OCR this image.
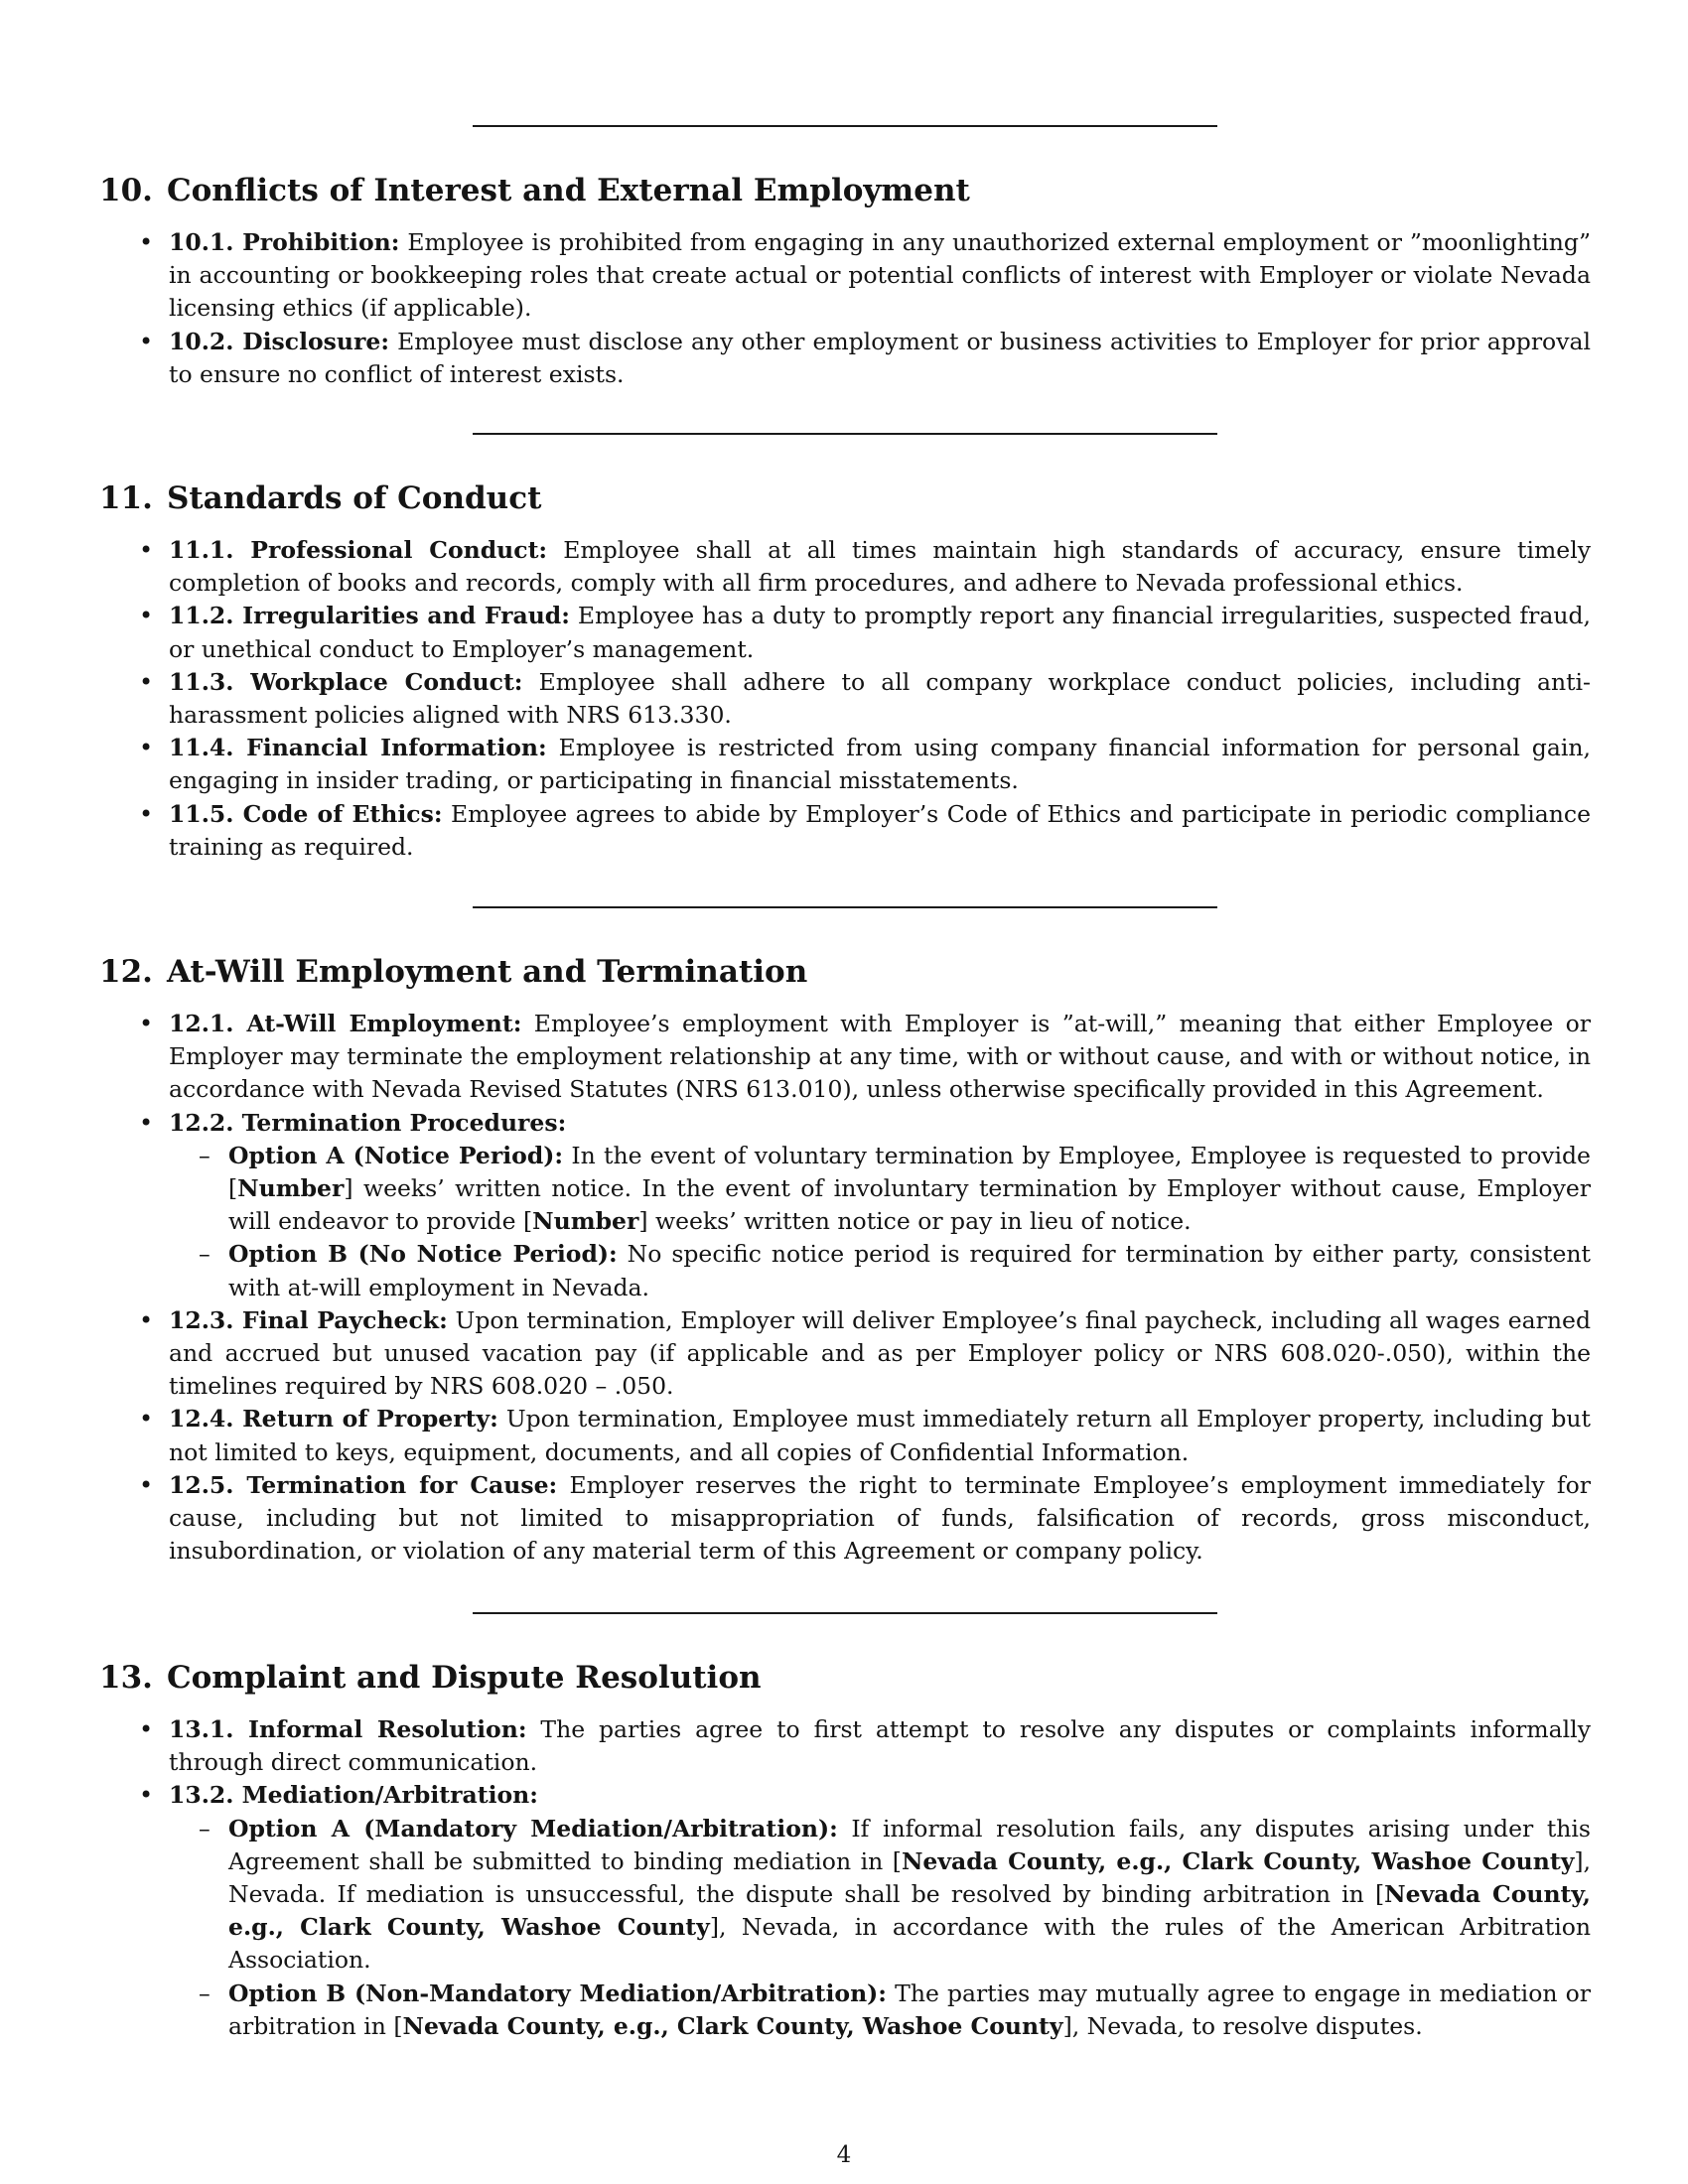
10. Conflicts of Interest and External Employment
• 10.1. Prohibition: Employee is prohibited from engaging in any unauthorized external employment or ”moonlighting” in accounting or bookkeeping roles that create actual or potential conflicts of interest with Employer or violate Nevada licensing ethics (if applicable).
• 10.2. Disclosure: Employee must disclose any other employment or business activities to Employer for prior approval to ensure no conflict of interest exists.
11. Standards of Conduct
• 11.1. Professional Conduct: Employee shall at all times maintain high standards of accuracy, ensure timely completion of books and records, comply with all firm procedures, and adhere to Nevada professional ethics.
• 11.2. Irregularities and Fraud: Employee has a duty to promptly report any financial irregularities, suspected fraud, or unethical conduct to Employer’s management.
• 11.3. Workplace Conduct: Employee shall adhere to all company workplace conduct policies, including anti-harassment policies aligned with NRS 613.330.
• 11.4. Financial Information: Employee is restricted from using company financial information for personal gain, engaging in insider trading, or participating in financial misstatements.
• 11.5. Code of Ethics: Employee agrees to abide by Employer’s Code of Ethics and participate in periodic compliance training as required.
12. At-Will Employment and Termination
• 12.1. At-Will Employment: Employee’s employment with Employer is ”at-will,” meaning that either Employee or Employer may terminate the employment relationship at any time, with or without cause, and with or without notice, in accordance with Nevada Revised Statutes (NRS 613.010), unless otherwise specifically provided in this Agreement.
• 12.2. Termination Procedures:
– Option A (Notice Period): In the event of voluntary termination by Employee, Employee is requested to provide [Number] weeks’ written notice. In the event of involuntary termination by Employer without cause, Employer will endeavor to provide [Number] weeks’ written notice or pay in lieu of notice.
– Option B (No Notice Period): No specific notice period is required for termination by either party, consistent with at-will employment in Nevada.
• 12.3. Final Paycheck: Upon termination, Employer will deliver Employee’s final paycheck, including all wages earned and accrued but unused vacation pay (if applicable and as per Employer policy or NRS 608.020-.050), within the timelines required by NRS 608.020 – .050.
• 12.4. Return of Property: Upon termination, Employee must immediately return all Employer property, including but not limited to keys, equipment, documents, and all copies of Confidential Information.
• 12.5. Termination for Cause: Employer reserves the right to terminate Employee’s employment immediately for cause, including but not limited to misappropriation of funds, falsification of records, gross misconduct, insubordination, or violation of any material term of this Agreement or company policy.
13. Complaint and Dispute Resolution
• 13.1. Informal Resolution: The parties agree to first attempt to resolve any disputes or complaints informally through direct communication.
• 13.2. Mediation/Arbitration:
– Option A (Mandatory Mediation/Arbitration): If informal resolution fails, any disputes arising under this Agreement shall be submitted to binding mediation in [Nevada County, e.g., Clark County, Washoe County], Nevada. If mediation is unsuccessful, the dispute shall be resolved by binding arbitration in [Nevada County, e.g., Clark County, Washoe County], Nevada, in accordance with the rules of the American Arbitration Association.
– Option B (Non-Mandatory Mediation/Arbitration): The parties may mutually agree to engage in mediation or arbitration in [Nevada County, e.g., Clark County, Washoe County], Nevada, to resolve disputes.
4
